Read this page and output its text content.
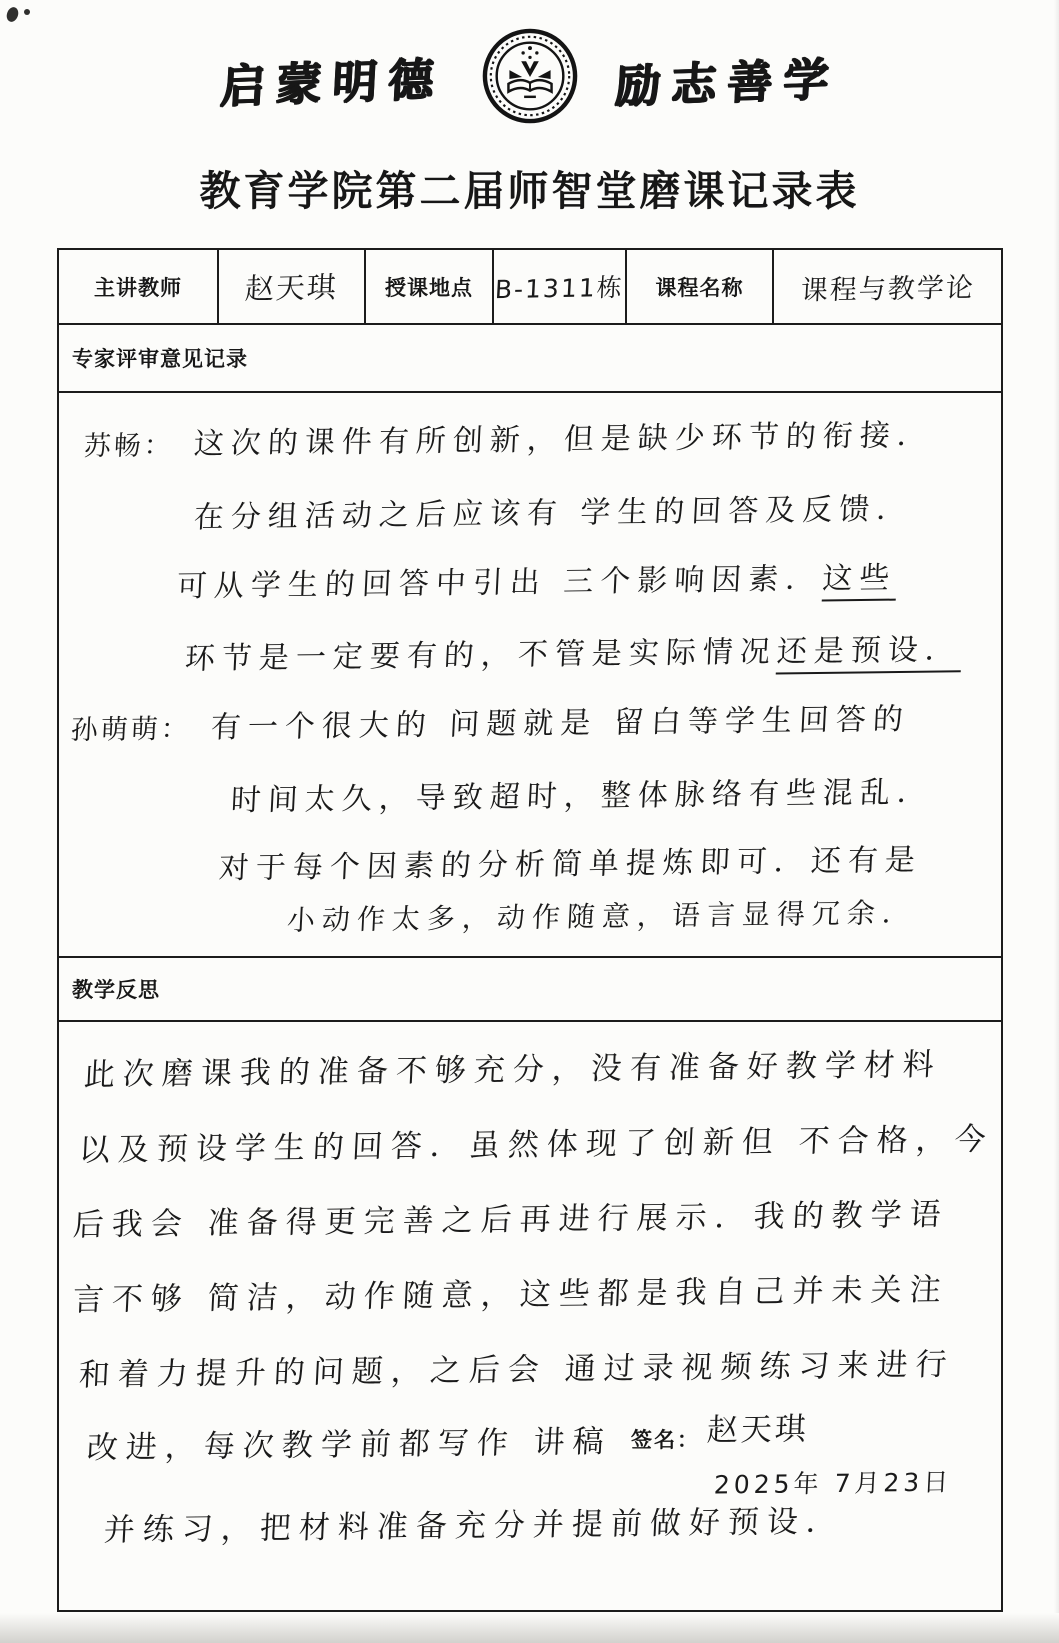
启蒙明德	励志善学
教育学院第二届师智堂磨课记录表
主讲教师	赵天琪	授课地点 B-1311栋	课程名称	课程与教学论
专家评审意见记录
苏畅： 这次的课件有所创新，但是缺少环节的衔接．
在分组活动之后应该有 学生的回答及反馈．
可从学生的回答中引出 三个影响因素．这些
环节是一定要有的，不管是实际情况还是预设．
孙萌萌： 有一个很大的 问题就是 留白等学生回答的
时间太久，导致超时，整体脉络有些混乱．
对于每个因素的分析简单提炼即可．还有是
小动作太多，动作随意，语言显得冗余．
教学反思
此次磨课我的准备不够充分，没有准备好教学材料
以及预设学生的回答．虽然体现了创新但 不合格，今
后我会 准备得更完善之后再进行展示．我的教学语
言不够 简洁，动作随意，这些都是我自己并未关注
和着力提升的问题，之后会 通过录视频练习来进行
改进，每次教学前都写作 讲稿 签名： 赵天琪
2025年 7月23日
并练习，把材料准备充分并提前做好预设．
